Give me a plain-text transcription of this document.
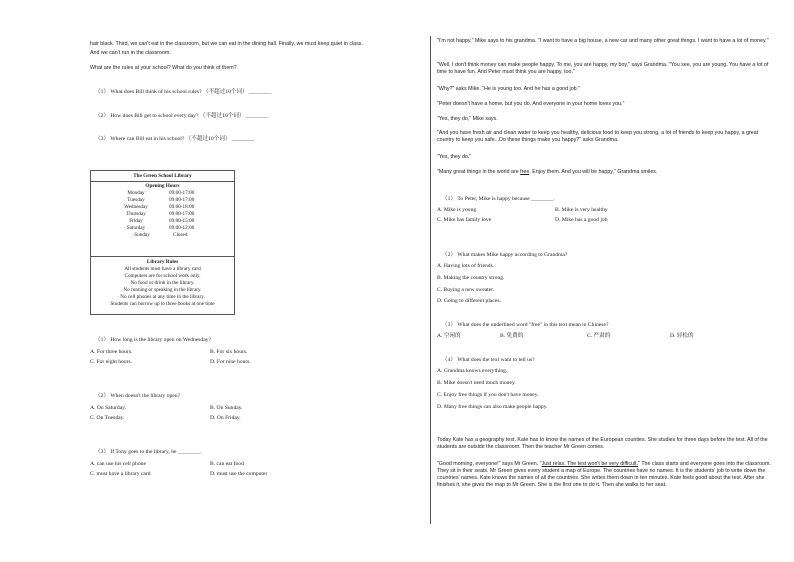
hair black. Third, we can't eat in the classroom, but we can eat in the dining hall. Finally, we must keep quiet in class.

And we can't run in the classroom.

What are the rules at your school? What do you think of them?

（1） What does Bill think of his school rules? （不超过10个词） ________

（2） How does Bill get to school every day? （不超过10个词） ________

（3） Where can Bill eat in his school? （不超过10个词） ________

The Green School Library
Opening Hours
Monday	09:00-17:00
Tuesday	09:00-17:00
Wednesday	09:00-18:00
Thursday	09:00-17:00
Friday	09:00-15:00
Saturday	09:00-12:00
Sunday	Closed
Library Rules
All students must have a library card
Computers are for school work only.
No food or drink in the library.
No running or speaking in the library.
No cell phones at any time in the library.
Students can borrow up to three books at one time

（1） How long is the library open on Wednesday?

A. For three hours.	B. For six hours.

C. For eight hours.	D. For nine hours.

（2） When doesn't the library open?

A. On Saturday.	B. On Sunday.

C. On Tuesday.	D. On Friday.

（3） If Tony goes to the library, he ________.

A. can use his cell phone	B. can eat food

C. must have a library card	D. must use the computer

"I'm not happy," Mike says to his grandma. "I want to have a big house, a new car and many other great things. I want to have a lot of money."

"Well, I don't think money can make people happy. To me, you are happy, my boy," says Grandma. "You see, you are young. You have a lot of time to have fun. And Peter must think you are happy, too."

"Why?" asks Mike. "He is young too. And he has a good job."

"Peter doesn't have a home, but you do. And everyone in your home loves you."

"Yes, they do," Mike says.

"And you have fresh air and clean water to keep you healthy, delicious food to keep you strong, a lot of friends to keep you happy, a great country to keep you safe...Do these things make you happy?" asks Grandma.

"Yes, they do."

"Many great things in the world are free. Enjoy them. And you will be happy," Grandma smiles.

（1） To Peter, Mike is happy because ________.

A. Mike is young	B. Mike is very healthy

C. Mike has family love	D. Mike has a good job

（2） What makes Mike happy according to Grandma?

A. Having lots of friends.

B. Making the country strong.

C. Buying a new sweater.

D. Going to different places.

（3） What does the underlined word "free" in this text mean in Chinese?

A. 空闲的	B. 免费的	C. 严肃的	D. 轻松的

（4） What does the text want to tell us?

A. Grandma knows everything.

B. Mike doesn't need much money.

C. Enjoy free things if you don't have money.

D. Many free things can also make people happy.

Today Kate has a geography test. Kate has to know the names of the European counties. She studies for three days before the test. All of the students are outside the classroom. Then the teacher Mr Green comes.

"Good morning, everyone!" says Mr Green. "Just relax. The test won't be very difficult." The class starts and everyone goes into the classroom. They sit in their seats. Mr Green gives every student a map of Europe. The countries have no names. It is the students' job to write down the countries' names. Kate knows the names of all the countries. She writes them down in ten minutes. Kate feels good about the test. After she finishes it, she gives the map to Mr Green. She is the first one to do it. Then she walks to her seat.
